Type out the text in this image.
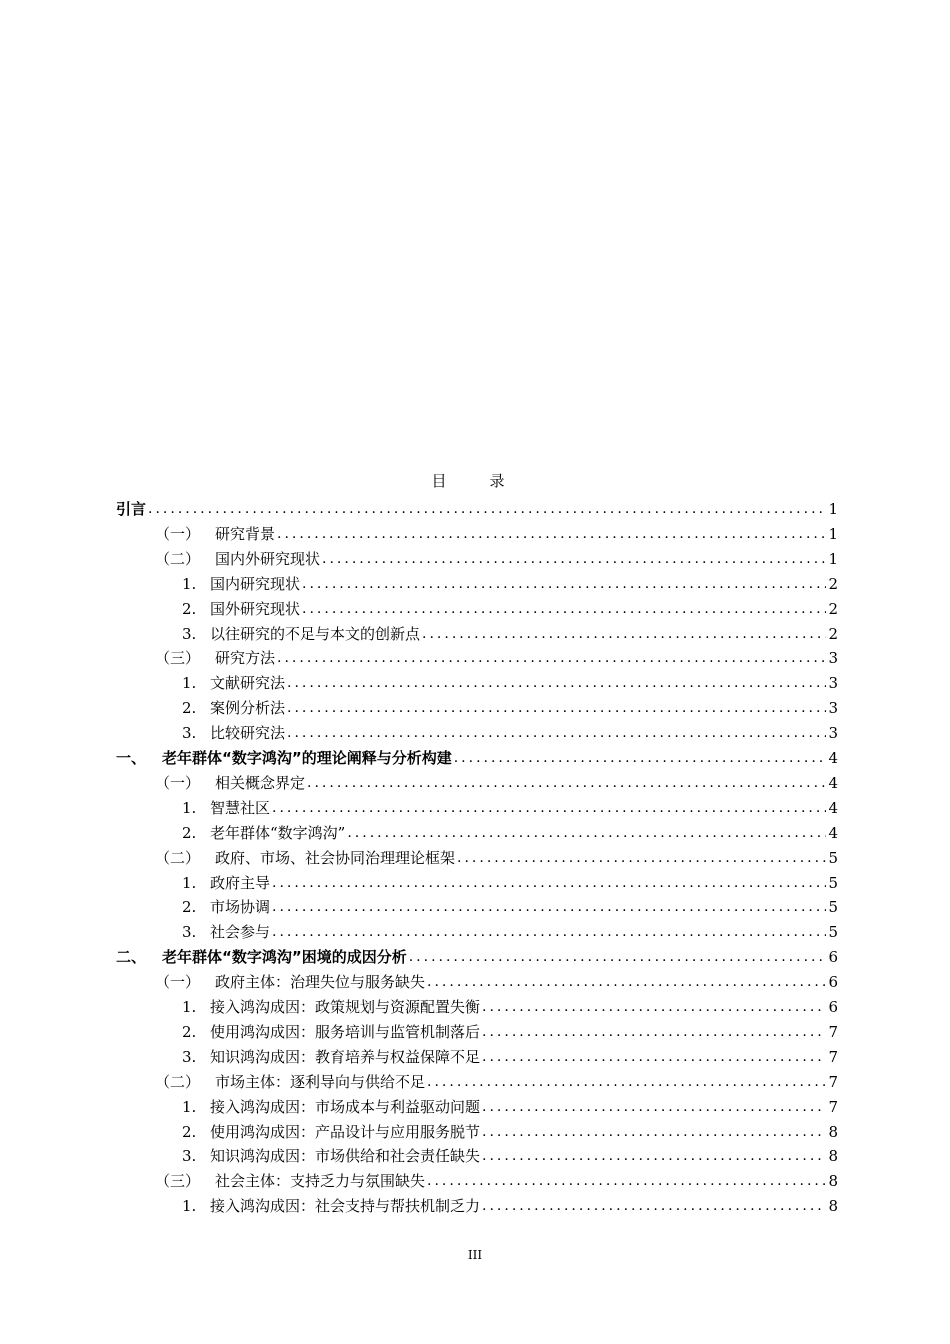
目　录
引言 .....	1
（一） 研究背景 .....	1
（二） 国内外研究现状 .....	1
1. 国内研究现状 .....	2
2. 国外研究现状 .....	2
3. 以往研究的不足与本文的创新点 .....	2
（三） 研究方法 .....	3
1. 文献研究法 .....	3
2. 案例分析法 .....	3
3. 比较研究法 .....	3
一、	老年群体“数字鸿沟”的理论阐释与分析构建 .....	4
（一） 相关概念界定 .....	4
1. 智慧社区 .....	4
2. 老年群体“数字鸿沟” .....	4
（二） 政府、市场、社会协同治理理论框架 .....	5
1. 政府主导 .....	5
2. 市场协调 .....	5
3. 社会参与 .....	5
二、	老年群体“数字鸿沟”困境的成因分析 .....	6
（一） 政府主体：治理失位与服务缺失 .....	6
1. 接入鸿沟成因：政策规划与资源配置失衡 .....	6
2. 使用鸿沟成因：服务培训与监管机制落后 .....	7
3. 知识鸿沟成因：教育培养与权益保障不足 .....	7
（二） 市场主体：逐利导向与供给不足 .....	7
1. 接入鸿沟成因：市场成本与利益驱动问题 .....	7
2. 使用鸿沟成因：产品设计与应用服务脱节 .....	8
3. 知识鸿沟成因：市场供给和社会责任缺失 .....	8
（三） 社会主体：支持乏力与氛围缺失 .....	8
1. 接入鸿沟成因：社会支持与帮扶机制乏力 .....	8
III
